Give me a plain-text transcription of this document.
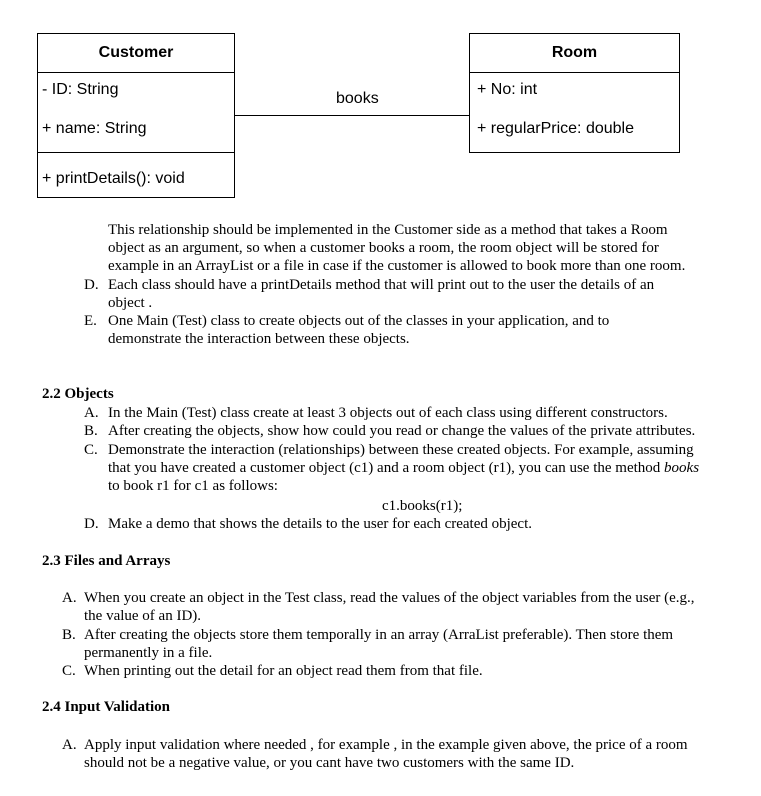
Customer
- ID: String
+ name: String
+ printDetails(): void
books
Room
+ No: int
+ regularPrice: double
This relationship should be implemented in the Customer side as a method that takes a Room
object as an argument, so when a customer books a room, the room object will be stored for
example in an ArrayList or a file in case if the customer is allowed to book more than one room.
D. Each class should have a printDetails method that will print out to the user the details of an
object .
E. One Main (Test) class to create objects out of the classes in your application, and to
demonstrate the interaction between these objects.
2.2 Objects
A. In the Main (Test) class create at least 3 objects out of each class using different constructors.
B. After creating the objects, show how could you read or change the values of the private attributes.
C. Demonstrate the interaction (relationships) between these created objects. For example, assuming
that you have created a customer object (c1) and a room object (r1), you can use the method books
to book r1 for c1 as follows:
c1.books(r1);
D. Make a demo that shows the details to the user for each created object.
2.3 Files and Arrays
A. When you create an object in the Test class, read the values of the object variables from the user (e.g.,
the value of an ID).
B. After creating the objects store them temporally in an array (ArraList preferable). Then store them
permanently in a file.
C. When printing out the detail for an object read them from that file.
2.4 Input Validation
A. Apply input validation where needed , for example , in the example given above, the price of a room
should not be a negative value, or you cant have two customers with the same ID.
